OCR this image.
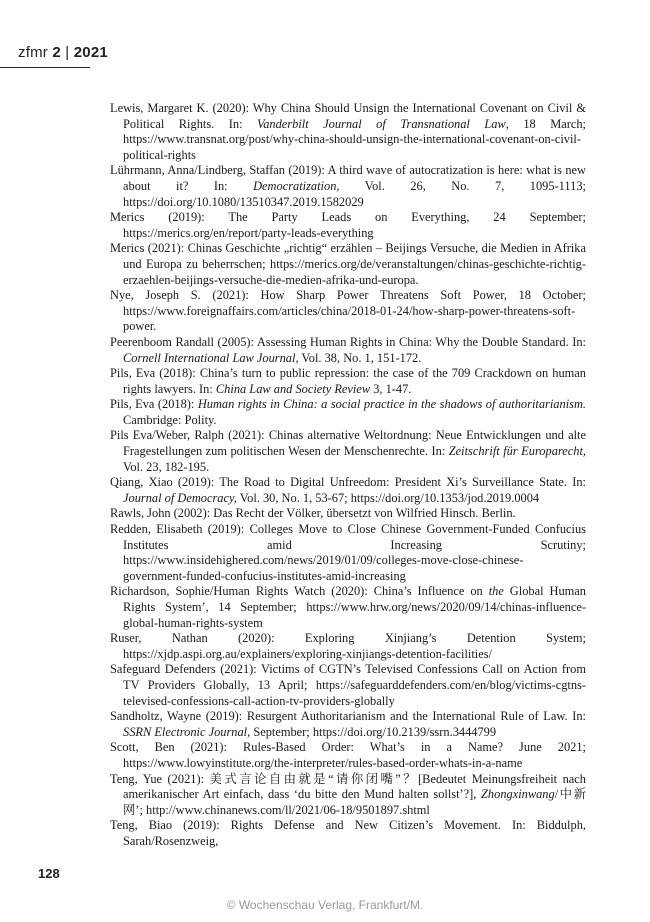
zfmr 2 | 2021

Lewis, Margaret K. (2020): Why China Should Unsign the International Covenant on Civil & Political Rights. In: Vanderbilt Journal of Transnational Law, 18 March; https://www.transnat.org/post/why-china-should-unsign-the-international-covenant-on-civil-political-rights

Lührmann, Anna/Lindberg, Staffan (2019): A third wave of autocratization is here: what is new about it? In: Democratization, Vol. 26, No. 7, 1095-1113; https://doi.org/10.1080/13510347.2019.1582029

Merics (2019): The Party Leads on Everything, 24 September; https://merics.org/en/report/party-leads-everything

Merics (2021): Chinas Geschichte „richtig“ erzählen – Beijings Versuche, die Medien in Afrika und Europa zu beherrschen; https://merics.org/de/veranstaltungen/chinas-geschichte-richtig-erzaehlen-beijings-versuche-die-medien-afrika-und-europa.

Nye, Joseph S. (2021): How Sharp Power Threatens Soft Power, 18 October; https://www.foreignaffairs.com/articles/china/2018-01-24/how-sharp-power-threatens-soft-power.

Peerenboom Randall (2005): Assessing Human Rights in China: Why the Double Standard. In: Cornell International Law Journal, Vol. 38, No. 1, 151-172.

Pils, Eva (2018): China’s turn to public repression: the case of the 709 Crackdown on human rights lawyers. In: China Law and Society Review 3, 1-47.

Pils, Eva (2018): Human rights in China: a social practice in the shadows of authoritarianism. Cambridge: Polity.

Pils Eva/Weber, Ralph (2021): Chinas alternative Weltordnung: Neue Entwicklungen und alte Fragestellungen zum politischen Wesen der Menschenrechte. In: Zeitschrift für Europarecht, Vol. 23, 182-195.

Qiang, Xiao (2019): The Road to Digital Unfreedom: President Xi’s Surveillance State. In: Journal of Democracy, Vol. 30, No. 1, 53-67; https://doi.org/10.1353/jod.2019.0004

Rawls, John (2002): Das Recht der Völker, übersetzt von Wilfried Hinsch. Berlin.

Redden, Elisabeth (2019): Colleges Move to Close Chinese Government-Funded Confucius Institutes amid Increasing Scrutiny; https://www.insidehighered.com/news/2019/01/09/colleges-move-close-chinese-government-funded-confucius-institutes-amid-increasing

Richardson, Sophie/Human Rights Watch (2020): China’s Influence on the Global Human Rights System’, 14 September; https://www.hrw.org/news/2020/09/14/chinas-influence-global-human-rights-system

Ruser, Nathan (2020): Exploring Xinjiang’s Detention System; https://xjdp.aspi.org.au/explainers/exploring-xinjiangs-detention-facilities/

Safeguard Defenders (2021): Victims of CGTN’s Televised Confessions Call on Action from TV Providers Globally, 13 April; https://safeguarddefenders.com/en/blog/victims-cgtns-televised-confessions-call-action-tv-providers-globally

Sandholtz, Wayne (2019): Resurgent Authoritarianism and the International Rule of Law. In: SSRN Electronic Journal, September; https://doi.org/10.2139/ssrn.3444799

Scott, Ben (2021): Rules-Based Order: What’s in a Name? June 2021; https://www.lowyinstitute.org/the-interpreter/rules-based-order-whats-in-a-name

Teng, Yue (2021): 美式言论自由就是“请你闭嘴”？[Bedeutet Meinungsfreiheit nach amerikanischer Art einfach, dass ‘du bitte den Mund halten sollst’?], Zhongxinwang/中新网’; http://www.chinanews.com/ll/2021/06-18/9501897.shtml

Teng, Biao (2019): Rights Defense and New Citizen’s Movement. In: Biddulph, Sarah/Rosenzweig,

128
© Wochenschau Verlag, Frankfurt/M.
